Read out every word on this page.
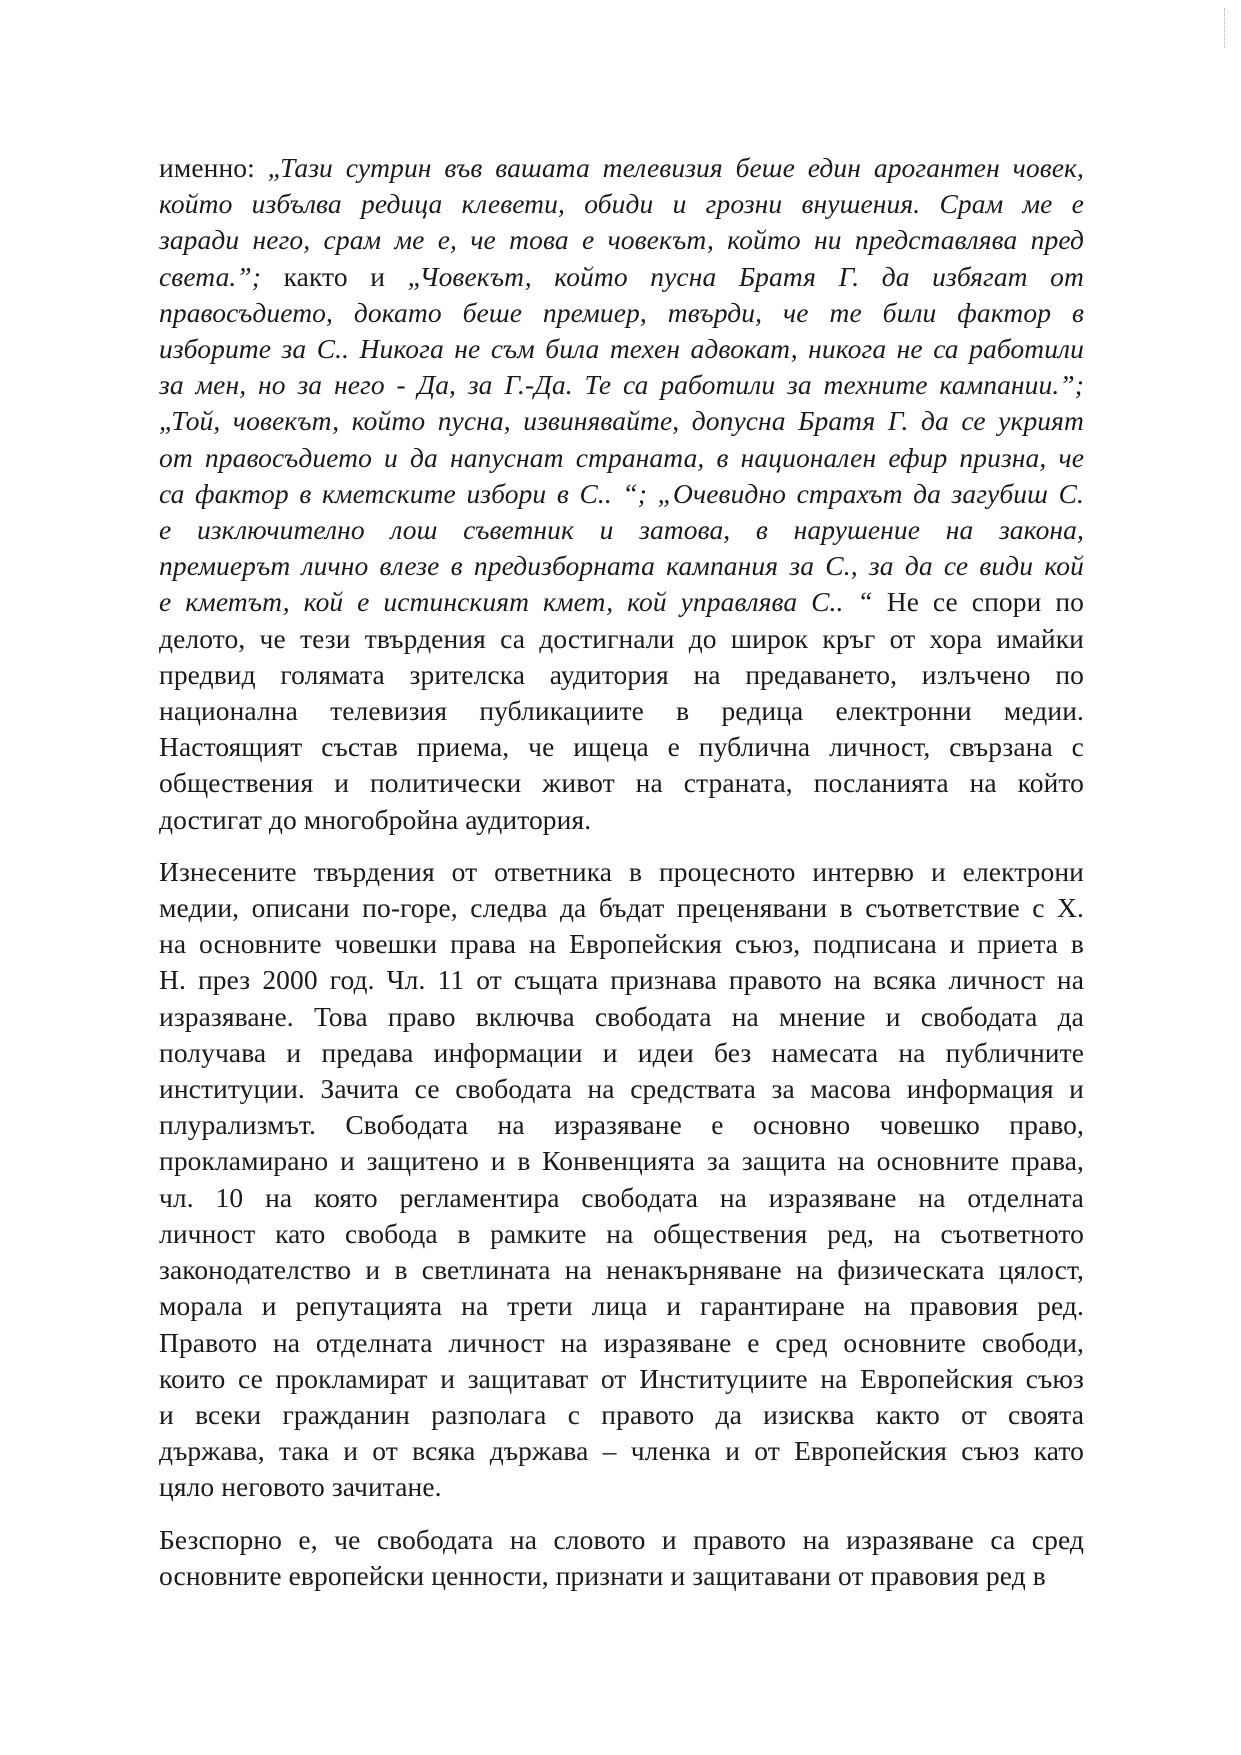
именно: „Тази сутрин във вашата телевизия беше един арогантен човек,
който избълва редица клевети, обиди и грозни внушения. Срам ме е
заради него, срам ме е, че това е човекът, който ни представлява пред
света.”; както и „Човекът, който пусна Братя Г. да избягат от
правосъдието, докато беше премиер, твърди, че те били фактор в
изборите за С.. Никога не съм била техен адвокат, никога не са работили
за мен, но за него - Да, за Г.-Да. Те са работили за техните кампании.”;
„Той, човекът, който пусна, извинявайте, допусна Братя Г. да се укрият
от правосъдието и да напуснат страната, в национален ефир призна, че
са фактор в кметските избори в С.. “; „Очевидно страхът да загубиш С.
е изключително лош съветник и затова, в нарушение на закона,
премиерът лично влезе в предизборната кампания за С., за да се види кой
е кметът, кой е истинският кмет, кой управлява С.. “ Не се спори по
делото, че тези твърдения са достигнали до широк кръг от хора имайки
предвид голямата зрителска аудитория на предаването, излъчено по
национална телевизия публикациите в редица електронни медии.
Настоящият състав приема, че ищеца е публична личност, свързана с
обществения и политически живот на страната, посланията на който
достигат до многобройна аудитория.
Изнесените твърдения от ответника в процесното интервю и електрони
медии, описани по-горе, следва да бъдат преценявани в съответствие с Х.
на основните човешки права на Европейския съюз, подписана и приета в
Н. през 2000 год. Чл. 11 от същата признава правото на всяка личност на
изразяване. Това право включва свободата на мнение и свободата да
получава и предава информации и идеи без намесата на публичните
институции. Зачита се свободата на средствата за масова информация и
плурализмът. Свободата на изразяване е основно човешко право,
прокламирано и защитено и в Конвенцията за защита на основните права,
чл. 10 на която регламентира свободата на изразяване на отделната
личност като свобода в рамките на обществения ред, на съответното
законодателство и в светлината на ненакърняване на физическата цялост,
морала и репутацията на трети лица и гарантиране на правовия ред.
Правото на отделната личност на изразяване е сред основните свободи,
които се прокламират и защитават от Институциите на Европейския съюз
и всеки гражданин разполага с правото да изисква както от своята
държава, така и от всяка държава – членка и от Европейския съюз като
цяло неговото зачитане.
Безспорно е, че свободата на словото и правото на изразяване са сред
основните европейски ценности, признати и защитавани от правовия ред в
